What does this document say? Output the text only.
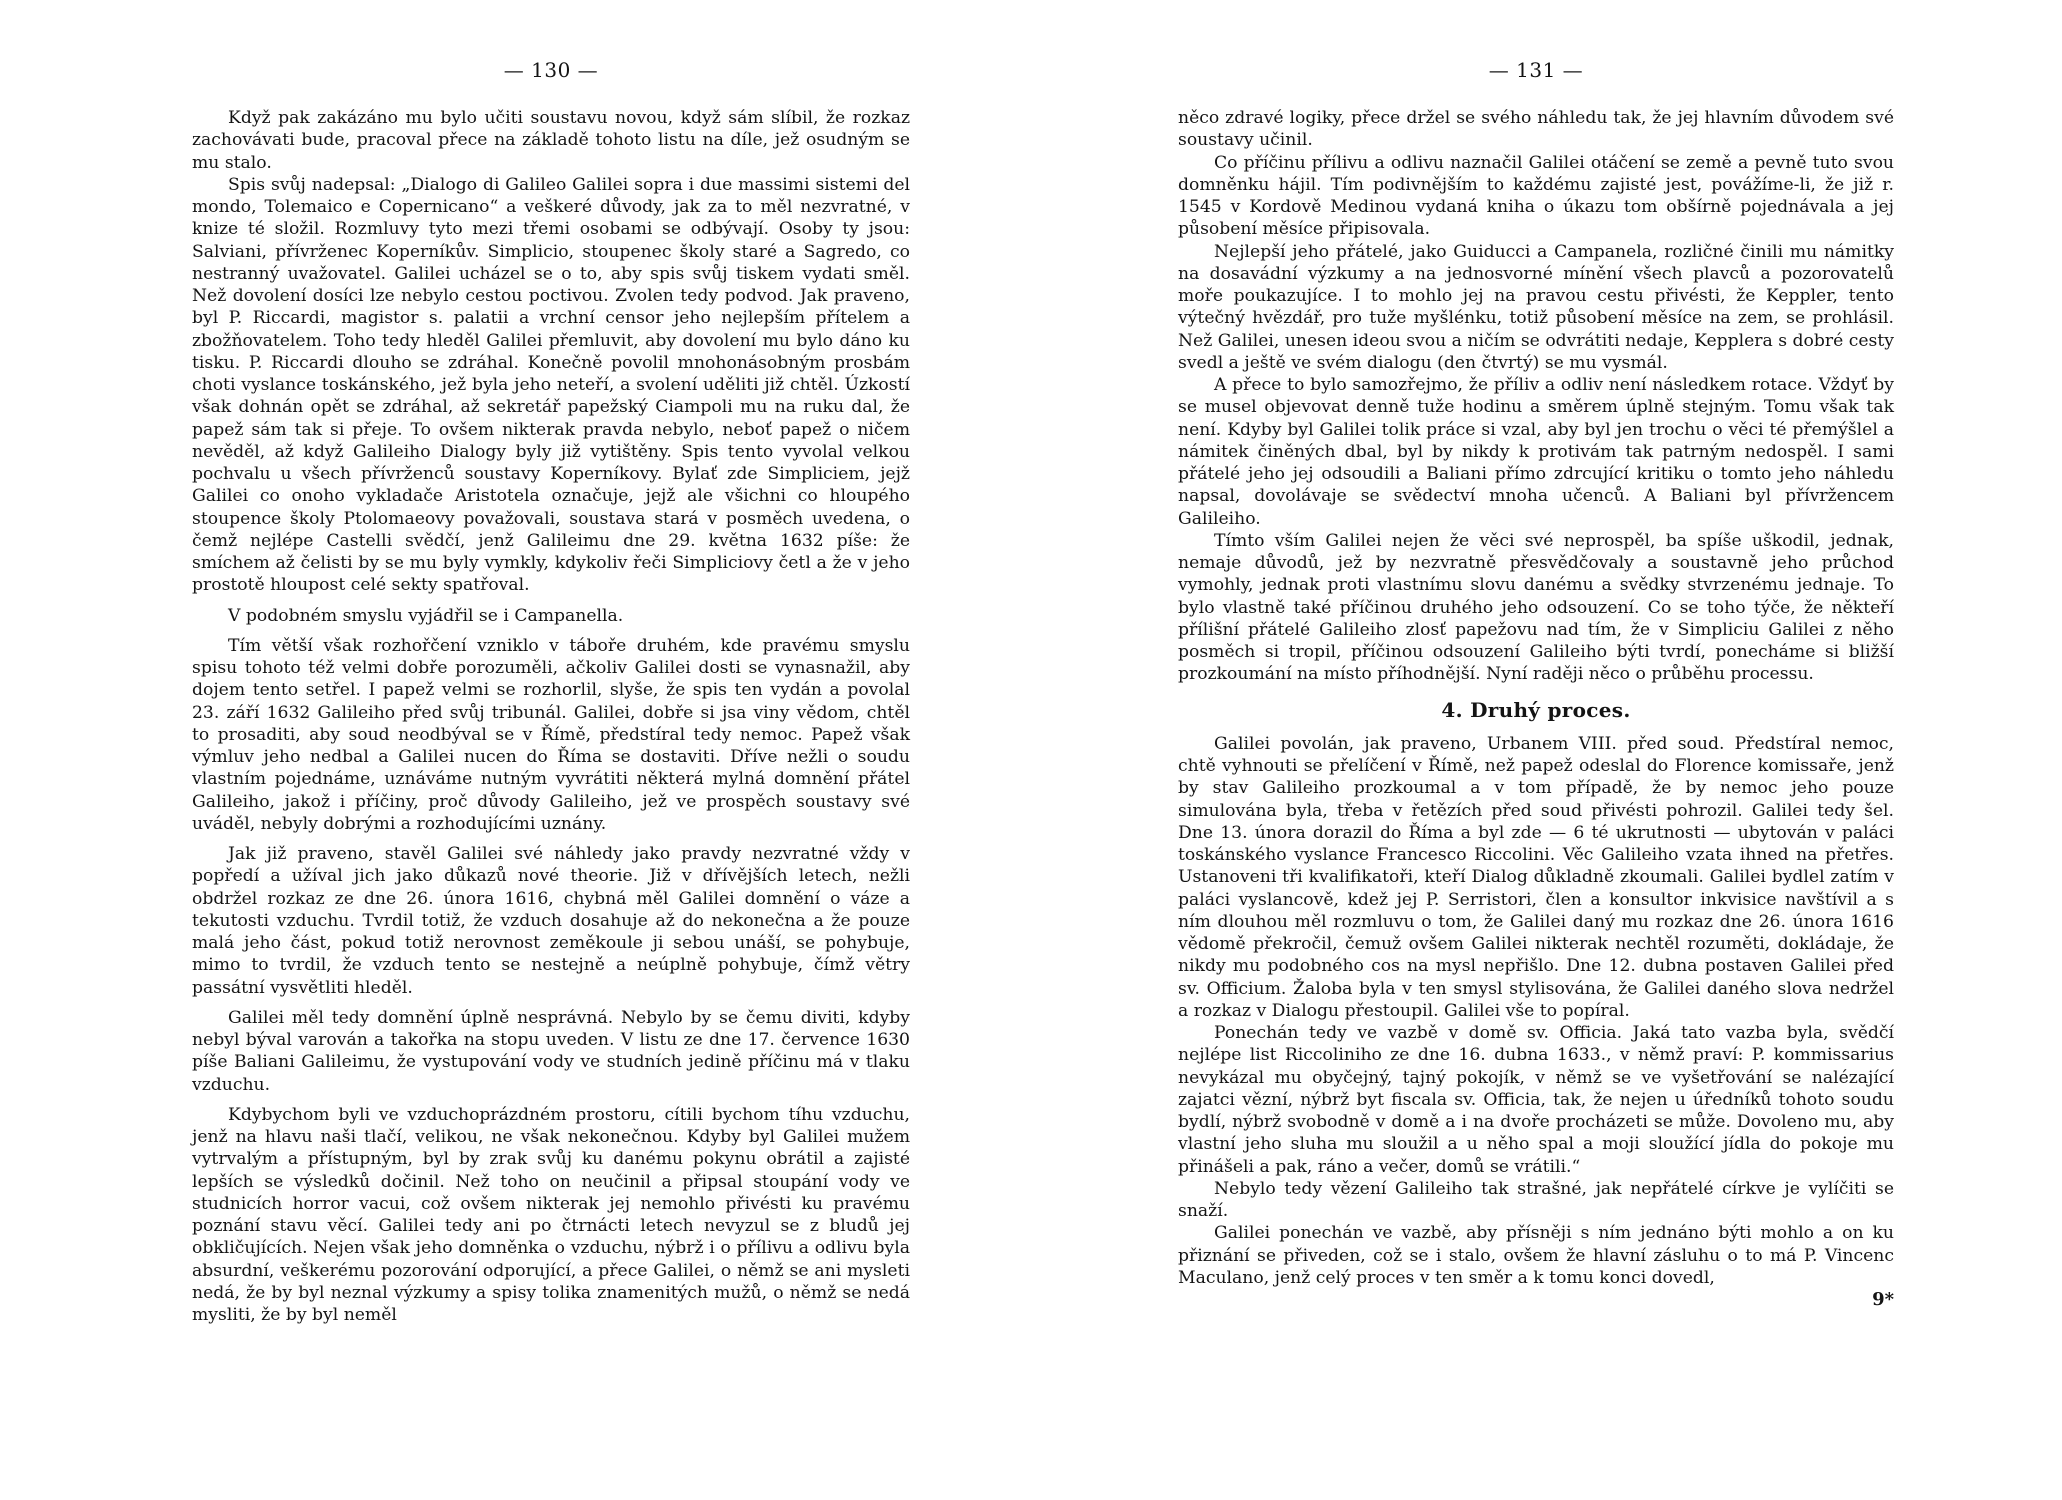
— 130 —

Když pak zakázáno mu bylo učiti soustavu novou, když sám slíbil, že rozkaz zachovávati bude, pracoval přece na základě tohoto listu na díle, jež osudným se mu stalo.

Spis svůj nadepsal: „Dialogo di Galileo Galilei sopra i due massimi sistemi del mondo, Tolemaico e Copernicano“ a veškeré důvody, jak za to měl nezvratné, v knize té složil. Rozmluvy tyto mezi třemi osobami se odbývají. Osoby ty jsou: Salviani, přívrženec Koperníkův. Simplicio, stoupenec školy staré a Sagredo, co nestranný uvažovatel. Galilei ucházel se o to, aby spis svůj tiskem vydati směl. Než dovolení dosíci lze nebylo cestou poctivou. Zvolen tedy podvod. Jak praveno, byl P. Riccardi, magistor s. palatii a vrchní censor jeho nejlepším přítelem a zbožňovatelem. Toho tedy hleděl Galilei přemluvit, aby dovolení mu bylo dáno ku tisku. P. Riccardi dlouho se zdráhal. Konečně povolil mnohonásobným prosbám choti vyslance toskánského, jež byla jeho neteří, a svolení uděliti již chtěl. Úzkostí však dohnán opět se zdráhal, až sekretář papežský Ciampoli mu na ruku dal, že papež sám tak si přeje. To ovšem nikterak pravda nebylo, neboť papež o ničem nevěděl, až když Galileiho Dialogy byly již vytištěny. Spis tento vyvolal velkou pochvalu u všech přívrženců soustavy Koperníkovy. Bylať zde Simpliciem, jejž Galilei co onoho vykladače Aristotela označuje, jejž ale všichni co hloupého stoupence školy Ptolomaeovy považovali, soustava stará v posměch uvedena, o čemž nejlépe Castelli svědčí, jenž Galileimu dne 29. května 1632 píše: že smíchem až čelisti by se mu byly vymkly, kdykoliv řeči Simpliciovy četl a že v jeho prostotě hloupost celé sekty spatřoval.

V podobném smyslu vyjádřil se i Campanella.

Tím větší však rozhořčení vzniklo v táboře druhém, kde pravému smyslu spisu tohoto též velmi dobře porozuměli, ačkoliv Galilei dosti se vynasnažil, aby dojem tento setřel. I papež velmi se rozhorlil, slyše, že spis ten vydán a povolal 23. září 1632 Galileiho před svůj tribunál. Galilei, dobře si jsa viny vědom, chtěl to prosaditi, aby soud neodbýval se v Římě, předstíral tedy nemoc. Papež však výmluv jeho nedbal a Galilei nucen do Říma se dostaviti. Dříve nežli o soudu vlastním pojednáme, uznáváme nutným vyvrátiti některá mylná domnění přátel Galileiho, jakož i příčiny, proč důvody Galileiho, jež ve prospěch soustavy své uváděl, nebyly dobrými a rozhodujícími uznány.

Jak již praveno, stavěl Galilei své náhledy jako pravdy nezvratné vždy v popředí a užíval jich jako důkazů nové theorie. Již v dřívějších letech, nežli obdržel rozkaz ze dne 26. února 1616, chybná měl Galilei domnění o váze a tekutosti vzduchu. Tvrdil totiž, že vzduch dosahuje až do nekonečna a že pouze malá jeho část, pokud totiž nerovnost zeměkoule ji sebou unáší, se pohybuje, mimo to tvrdil, že vzduch tento se nestejně a neúplně pohybuje, čímž větry passátní vysvětliti hleděl.

Galilei měl tedy domnění úplně nesprávná. Nebylo by se čemu diviti, kdyby nebyl býval varován a takořka na stopu uveden. V listu ze dne 17. července 1630 píše Baliani Galileimu, že vystupování vody ve studních jedině příčinu má v tlaku vzduchu.

Kdybychom byli ve vzduchoprázdném prostoru, cítili bychom tíhu vzduchu, jenž na hlavu naši tlačí, velikou, ne však nekonečnou. Kdyby byl Galilei mužem vytrvalým a přístupným, byl by zrak svůj ku danému pokynu obrátil a zajisté lepších se výsledků dočinil. Než toho on neučinil a připsal stoupání vody ve studnicích horror vacui, což ovšem nikterak jej nemohlo přivésti ku pravému poznání stavu věcí. Galilei tedy ani po čtrnácti letech nevyzul se z bludů jej obkličujících. Nejen však jeho domněnka o vzduchu, nýbrž i o přílivu a odlivu byla absurdní, veškerému pozorování odporující, a přece Galilei, o němž se ani mysleti nedá, že by byl neznal výzkumy a spisy tolika znamenitých mužů, o němž se nedá mysliti, že by byl neměl

— 131 —

něco zdravé logiky, přece držel se svého náhledu tak, že jej hlavním důvodem své soustavy učinil.

Co příčinu přílivu a odlivu naznačil Galilei otáčení se země a pevně tuto svou domněnku hájil. Tím podivnějším to každému zajisté jest, povážíme-li, že již r. 1545 v Kordově Medinou vydaná kniha o úkazu tom obšírně pojednávala a jej působení měsíce připisovala.

Nejlepší jeho přátelé, jako Guiducci a Campanela, rozličné činili mu námitky na dosavádní výzkumy a na jednosvorné mínění všech plavců a pozorovatelů moře poukazujíce. I to mohlo jej na pravou cestu přivésti, že Keppler, tento výtečný hvězdář, pro tuže myšlénku, totiž působení měsíce na zem, se prohlásil. Než Galilei, unesen ideou svou a ničím se odvrátiti nedaje, Kepplera s dobré cesty svedl a ještě ve svém dialogu (den čtvrtý) se mu vysmál.

A přece to bylo samozřejmo, že příliv a odliv není následkem rotace. Vždyť by se musel objevovat denně tuže hodinu a směrem úplně stejným. Tomu však tak není. Kdyby byl Galilei tolik práce si vzal, aby byl jen trochu o věci té přemýšlel a námitek činěných dbal, byl by nikdy k protivám tak patrným nedospěl. I sami přátelé jeho jej odsoudili a Baliani přímo zdrcující kritiku o tomto jeho náhledu napsal, dovolávaje se svědectví mnoha učenců. A Baliani byl přívržencem Galileiho.

Tímto vším Galilei nejen že věci své neprospěl, ba spíše uškodil, jednak, nemaje důvodů, jež by nezvratně přesvědčovaly a soustavně jeho průchod vymohly, jednak proti vlastnímu slovu danému a svědky stvrzenému jednaje. To bylo vlastně také příčinou druhého jeho odsouzení. Co se toho týče, že někteří přílišní přátelé Galileiho zlosť papežovu nad tím, že v Simpliciu Galilei z něho posměch si tropil, příčinou odsouzení Galileiho býti tvrdí, ponecháme si bližší prozkoumání na místo příhodnější. Nyní raději něco o průběhu processu.

4. Druhý proces.

Galilei povolán, jak praveno, Urbanem VIII. před soud. Předstíral nemoc, chtě vyhnouti se přelíčení v Římě, než papež odeslal do Florence komissaře, jenž by stav Galileiho prozkoumal a v tom případě, že by nemoc jeho pouze simulována byla, třeba v řetězích před soud přivésti pohrozil. Galilei tedy šel. Dne 13. února dorazil do Říma a byl zde — 6 té ukrutnosti — ubytován v paláci toskánského vyslance Francesco Riccolini. Věc Galileiho vzata ihned na přetřes. Ustanoveni tři kvalifikatoři, kteří Dialog důkladně zkoumali. Galilei bydlel zatím v paláci vyslancově, kdež jej P. Serristori, člen a konsultor inkvisice navštívil a s ním dlouhou měl rozmluvu o tom, že Galilei daný mu rozkaz dne 26. února 1616 vědomě překročil, čemuž ovšem Galilei nikterak nechtěl rozuměti, dokládaje, že nikdy mu podobného cos na mysl nepřišlo. Dne 12. dubna postaven Galilei před sv. Officium. Žaloba byla v ten smysl stylisována, že Galilei daného slova nedržel a rozkaz v Dialogu přestoupil. Galilei vše to popíral.

Ponechán tedy ve vazbě v domě sv. Officia. Jaká tato vazba byla, svědčí nejlépe list Riccoliniho ze dne 16. dubna 1633., v němž praví: P. kommissarius nevykázal mu obyčejný, tajný pokojík, v němž se ve vyšetřování se nalézající zajatci vězní, nýbrž byt fiscala sv. Officia, tak, že nejen u úředníků tohoto soudu bydlí, nýbrž svobodně v domě a i na dvoře procházeti se může. Dovoleno mu, aby vlastní jeho sluha mu sloužil a u něho spal a moji sloužící jídla do pokoje mu přinášeli a pak, ráno a večer, domů se vrátili.“

Nebylo tedy vězení Galileiho tak strašné, jak nepřátelé církve je vylíčiti se snaží.

Galilei ponechán ve vazbě, aby přísněji s ním jednáno býti mohlo a on ku přiznání se přiveden, což se i stalo, ovšem že hlavní zásluhu o to má P. Vincenc Maculano, jenž celý proces v ten směr a k tomu konci dovedl,

9*
